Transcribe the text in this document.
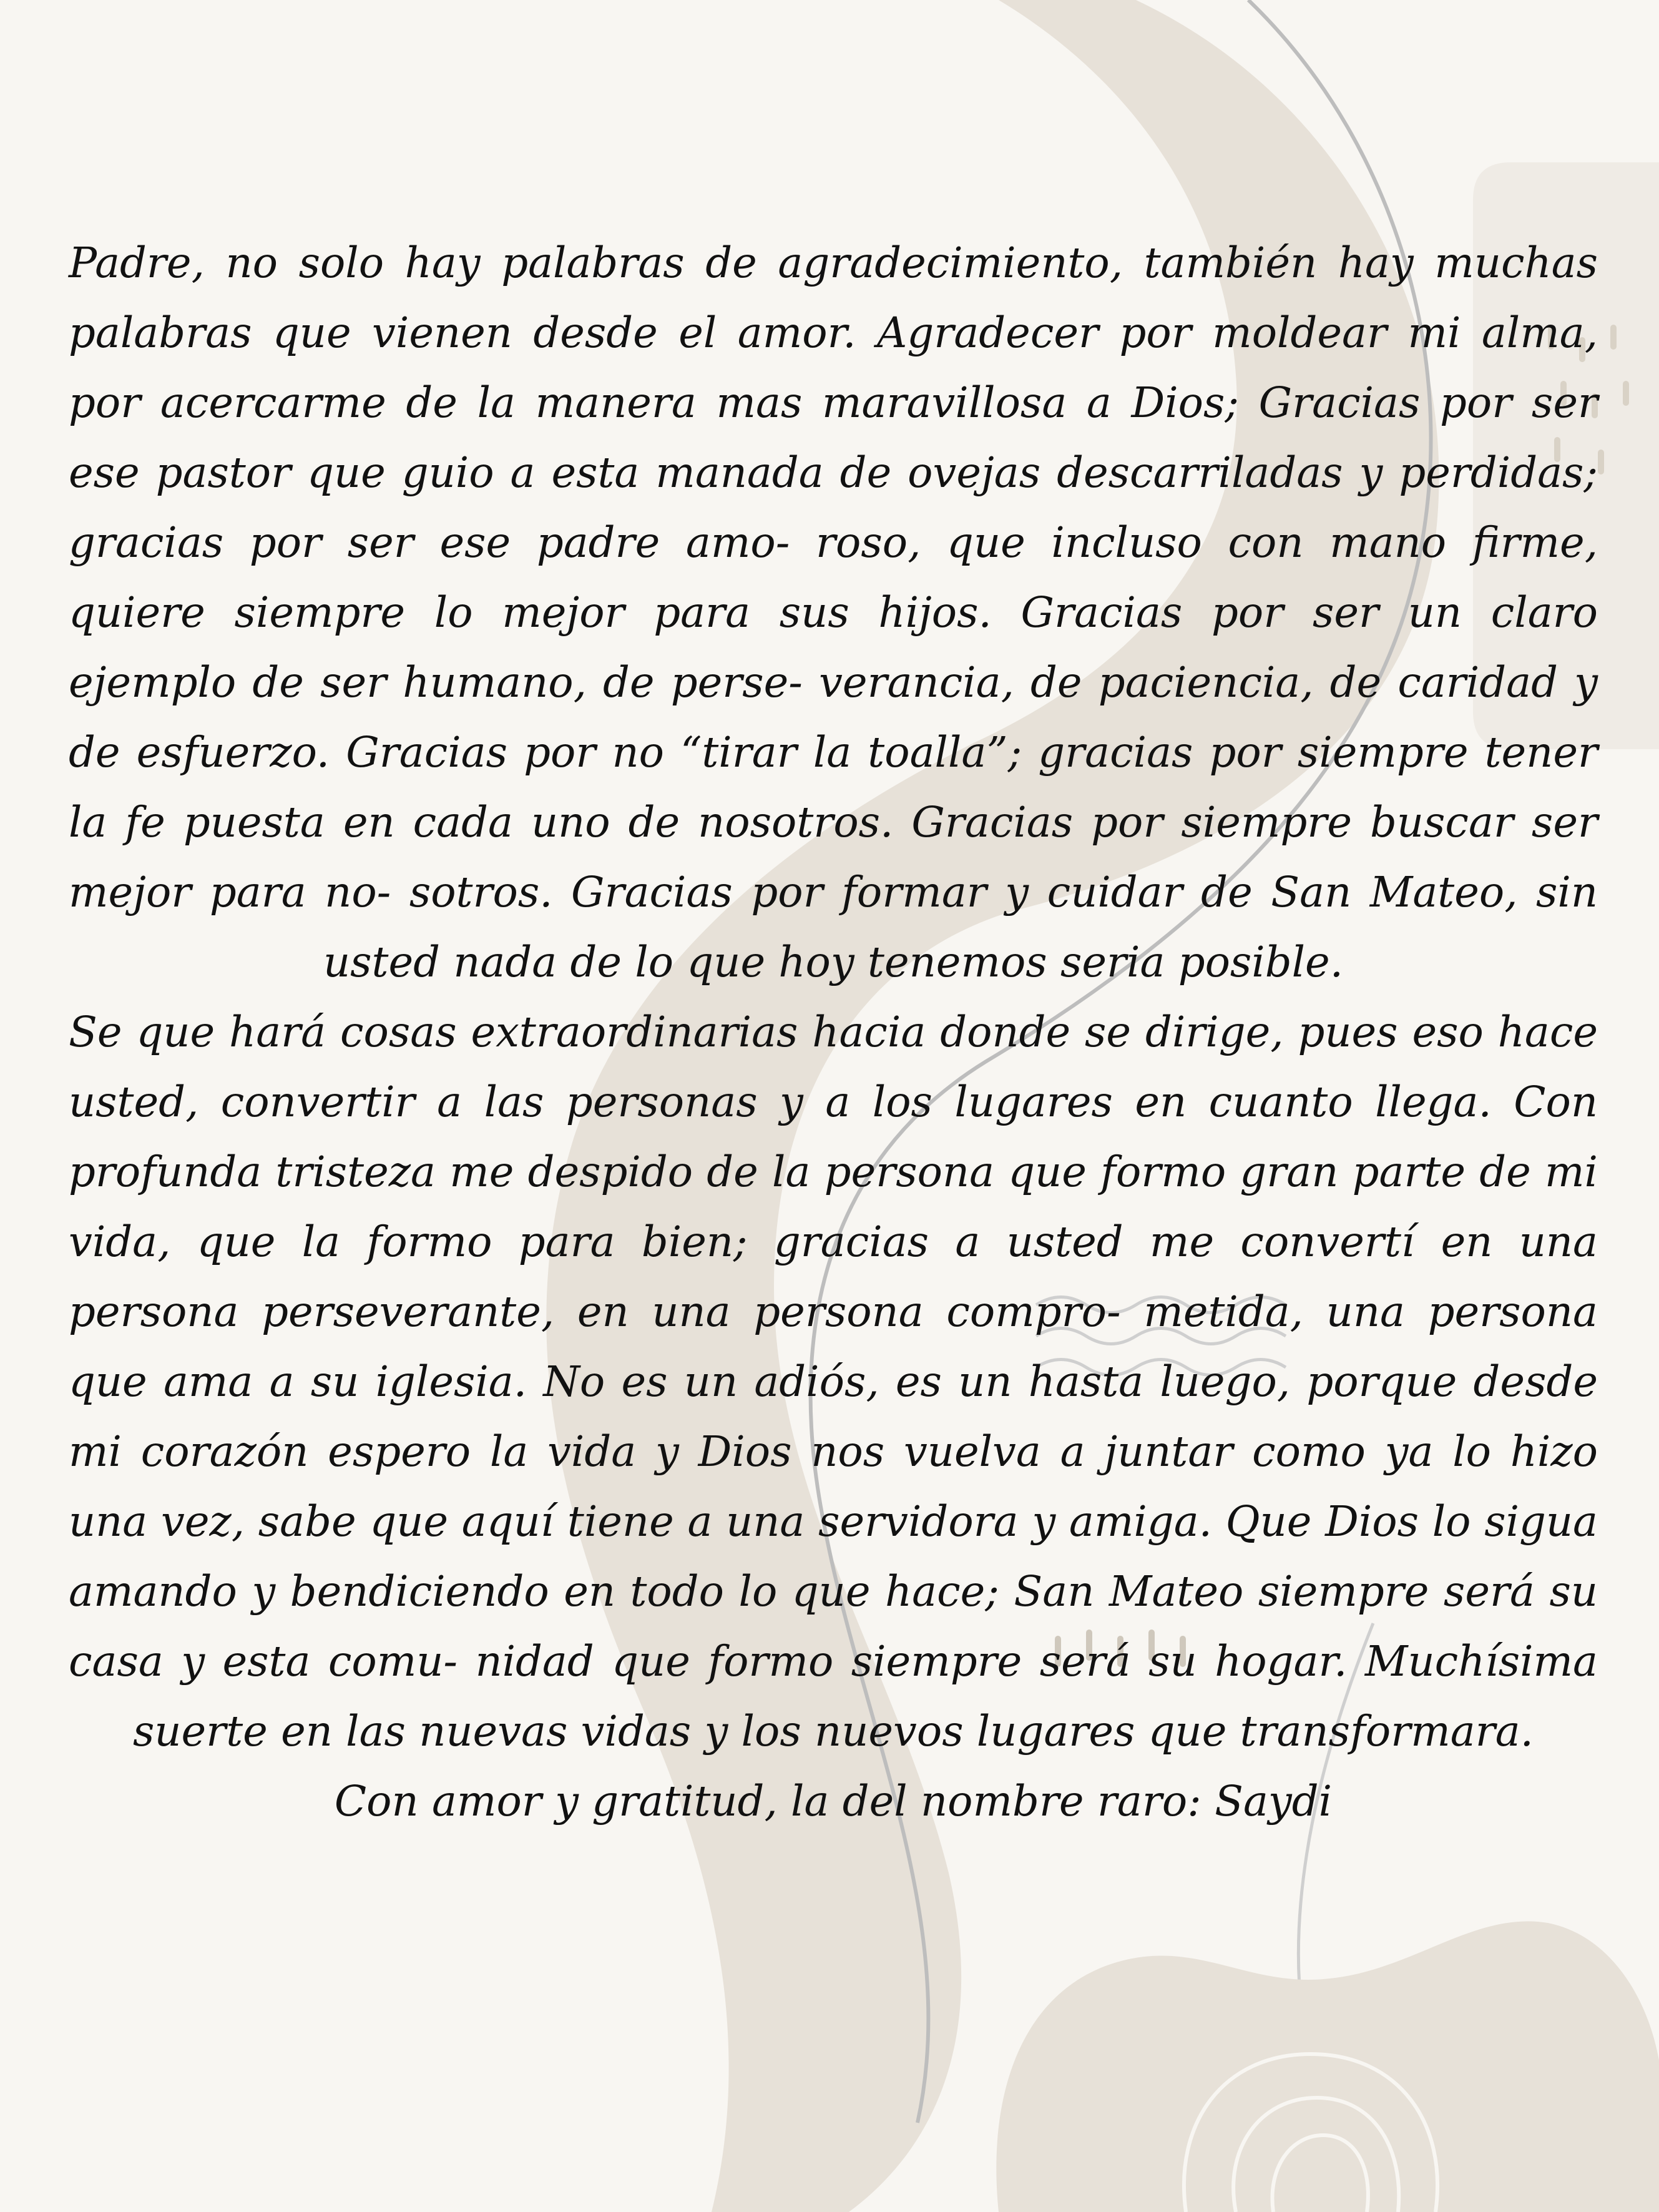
Padre, no solo hay palabras de agradecimiento, también hay muchas palabras que vienen desde el amor. Agradecer por moldear mi alma, por acercarme de la manera mas maravillosa a Dios; Gracias por ser ese pastor que guio a esta manada de ovejas descarriladas y perdidas; gracias por ser ese padre amo- roso, que incluso con mano firme, quiere siempre lo mejor para sus hijos. Gracias por ser un claro ejemplo de ser humano, de perse- verancia, de paciencia, de caridad y de esfuerzo. Gracias por no “tirar la toalla”; gracias por siempre tener la fe puesta en cada uno de nosotros. Gracias por siempre buscar ser mejor para no- sotros. Gracias por formar y cuidar de San Mateo, sin usted nada de lo que hoy tenemos seria posible.

Se que hará cosas extraordinarias hacia donde se dirige, pues eso hace usted, convertir a las personas y a los lugares en cuanto llega. Con profunda tristeza me despido de la persona que formo gran parte de mi vida, que la formo para bien; gracias a usted me convertí en una persona perseverante, en una persona compro- metida, una persona que ama a su iglesia. No es un adiós, es un hasta luego, porque desde mi corazón espero la vida y Dios nos vuelva a juntar como ya lo hizo una vez, sabe que aquí tiene a una servidora y amiga. Que Dios lo sigua amando y bendiciendo en todo lo que hace; San Mateo siempre será su casa y esta comu- nidad que formo siempre será su hogar. Muchísima suerte en las nuevas vidas y los nuevos lugares que transformara.

Con amor y gratitud, la del nombre raro: Saydi
